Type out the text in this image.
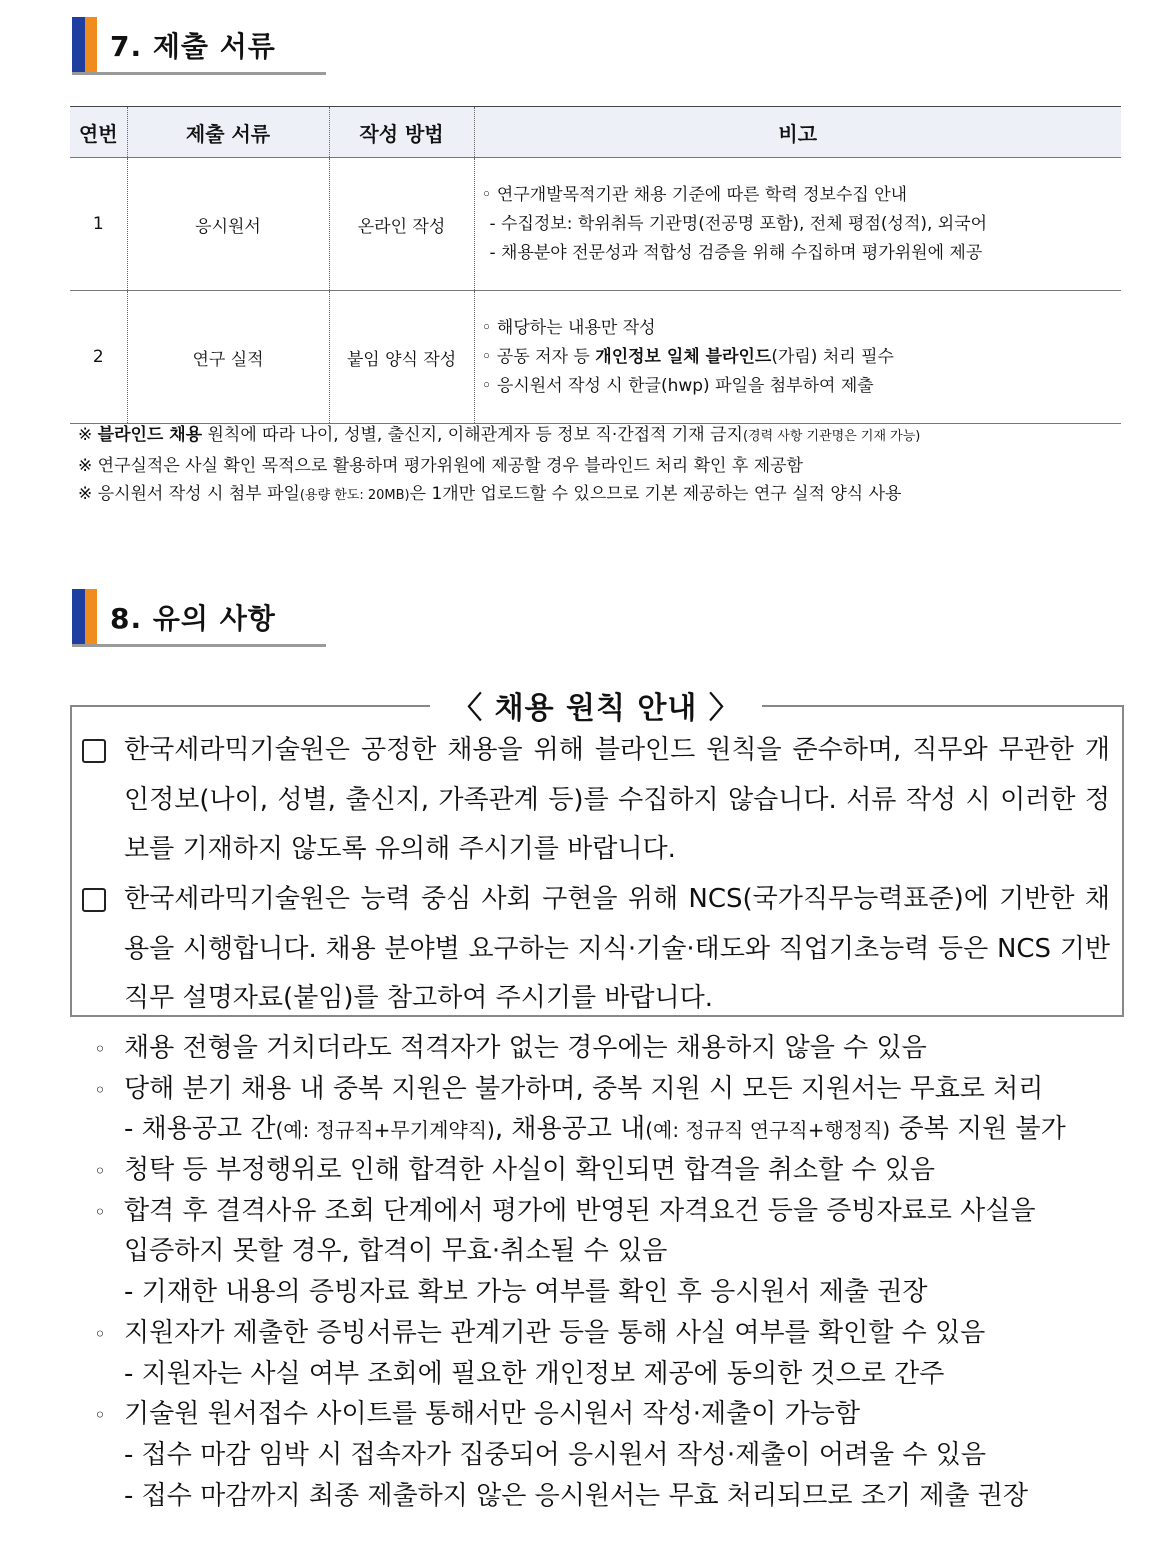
7. 제출 서류
연번	제출 서류	작성 방법	비고
1	응시원서	온라인 작성	◦ 연구개발목적기관 채용 기준에 따른 학력 정보수집 안내
- 수집정보: 학위취득 기관명(전공명 포함), 전체 평점(성적), 외국어
- 채용분야 전문성과 적합성 검증을 위해 수집하며 평가위원에 제공

2	연구 실적	붙임 양식 작성	◦ 해당하는 내용만 작성
◦ 공동 저자 등 개인정보 일체 블라인드(가림) 처리 필수
◦ 응시원서 작성 시 한글(hwp) 파일을 첨부하여 제출
※ 블라인드 채용 원칙에 따라 나이, 성별, 출신지, 이해관계자 등 정보 직·간접적 기재 금지(경력 사항 기관명은 기재 가능)
※ 연구실적은 사실 확인 목적으로 활용하며 평가위원에 제공할 경우 블라인드 처리 확인 후 제공함
※ 응시원서 작성 시 첨부 파일(용량 한도: 20MB)은 1개만 업로드할 수 있으므로 기본 제공하는 연구 실적 양식 사용
8. 유의 사항
〈 채용 원칙 안내 〉
한국세라믹기술원은 공정한 채용을 위해 블라인드 원칙을 준수하며, 직무와 무관한 개인정보(나이, 성별, 출신지, 가족관계 등)를 수집하지 않습니다. 서류 작성 시 이러한 정보를 기재하지 않도록 유의해 주시기를 바랍니다.
한국세라믹기술원은 능력 중심 사회 구현을 위해 NCS(국가직무능력표준)에 기반한 채용을 시행합니다. 채용 분야별 요구하는 지식·기술·태도와 직업기초능력 등은 NCS 기반 직무 설명자료(붙임)를 참고하여 주시기를 바랍니다.
◦ 채용 전형을 거치더라도 적격자가 없는 경우에는 채용하지 않을 수 있음
◦ 당해 분기 채용 내 중복 지원은 불가하며, 중복 지원 시 모든 지원서는 무효로 처리
- 채용공고 간(예: 정규직+무기계약직), 채용공고 내(예: 정규직 연구직+행정직) 중복 지원 불가
◦ 청탁 등 부정행위로 인해 합격한 사실이 확인되면 합격을 취소할 수 있음
◦ 합격 후 결격사유 조회 단계에서 평가에 반영된 자격요건 등을 증빙자료로 사실을
입증하지 못할 경우, 합격이 무효·취소될 수 있음
- 기재한 내용의 증빙자료 확보 가능 여부를 확인 후 응시원서 제출 권장
◦ 지원자가 제출한 증빙서류는 관계기관 등을 통해 사실 여부를 확인할 수 있음
- 지원자는 사실 여부 조회에 필요한 개인정보 제공에 동의한 것으로 간주
◦ 기술원 원서접수 사이트를 통해서만 응시원서 작성·제출이 가능함
- 접수 마감 임박 시 접속자가 집중되어 응시원서 작성·제출이 어려울 수 있음
- 접수 마감까지 최종 제출하지 않은 응시원서는 무효 처리되므로 조기 제출 권장
